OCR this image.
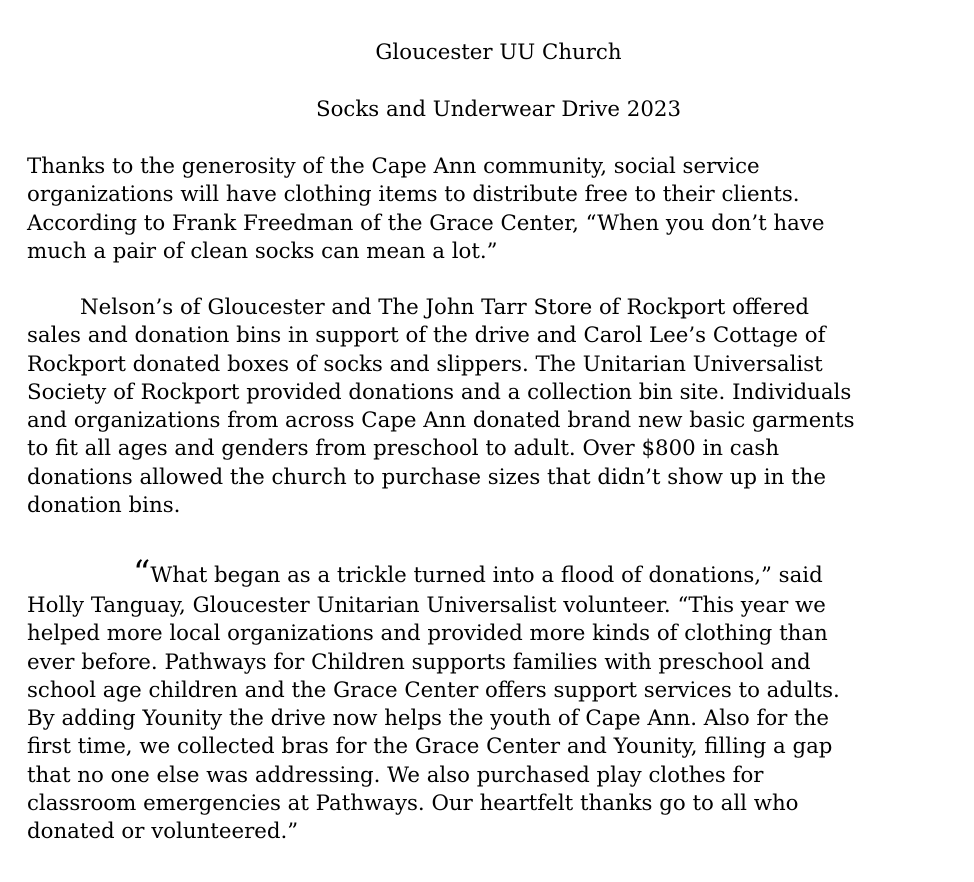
Gloucester UU Church
Socks and Underwear Drive 2023
Thanks to the generosity of the Cape Ann community, social service
organizations will have clothing items to distribute free to their clients.
According to Frank Freedman of the Grace Center, “When you don’t have
much a pair of clean socks can mean a lot.”
Nelson’s of Gloucester and The John Tarr Store of Rockport offered
sales and donation bins in support of the drive and Carol Lee’s Cottage of
Rockport donated boxes of socks and slippers. The Unitarian Universalist
Society of Rockport provided donations and a collection bin site. Individuals
and organizations from across Cape Ann donated brand new basic garments
to fit all ages and genders from preschool to adult. Over $800 in cash
donations allowed the church to purchase sizes that didn’t show up in the
donation bins.
“What began as a trickle turned into a flood of donations,” said
Holly Tanguay, Gloucester Unitarian Universalist volunteer. “This year we
helped more local organizations and provided more kinds of clothing than
ever before. Pathways for Children supports families with preschool and
school age children and the Grace Center offers support services to adults.
By adding Younity the drive now helps the youth of Cape Ann. Also for the
first time, we collected bras for the Grace Center and Younity, filling a gap
that no one else was addressing. We also purchased play clothes for
classroom emergencies at Pathways. Our heartfelt thanks go to all who
donated or volunteered.”
